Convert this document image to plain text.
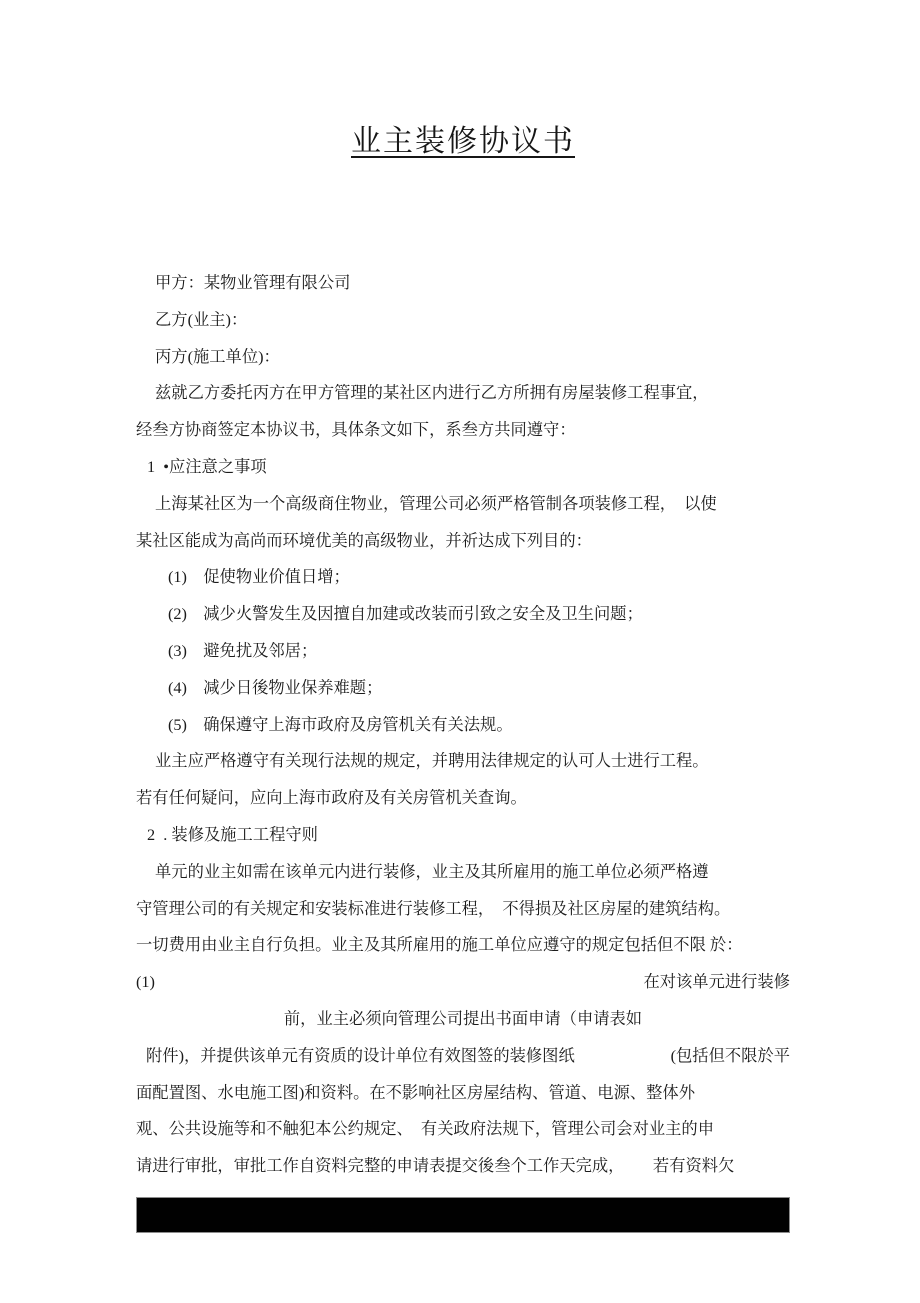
业主装修协议书

甲方：某物业管理有限公司

乙方(业主)：

丙方(施工单位)：

兹就乙方委托丙方在甲方管理的某社区内进行乙方所拥有房屋装修工程事宜，

经叁方协商签定本协议书，具体条文如下，系叁方共同遵守：

1  •应注意之事项

上海某社区为一个高级商住物业，管理公司必须严格管制各项装修工程，　以使

某社区能成为高尚而环境优美的高级物业，并祈达成下列目的：

(1)　促使物业价值日增；

(2)　减少火警发生及因擅自加建或改装而引致之安全及卫生问题；

(3)　避免扰及邻居；

(4)　减少日後物业保养难题；

(5)　确保遵守上海市政府及房管机关有关法规。

业主应严格遵守有关现行法规的规定，并聘用法律规定的认可人士进行工程。

若有任何疑问，应向上海市政府及有关房管机关查询。

2  . 装修及施工工程守则

单元的业主如需在该单元内进行装修，业主及其所雇用的施工单位必须严格遵

守管理公司的有关规定和安装标准进行装修工程，　不得损及社区房屋的建筑结构。

一切费用由业主自行负担。业主及其所雇用的施工单位应遵守的规定包括但不限 於：

(1)	在对该单元进行装修

前，业主必须向管理公司提出书面申请（申请表如

附件)，并提供该单元有资质的设计单位有效图签的装修图纸	(包括但不限於平

面配置图、水电施工图)和资料。在不影响社区房屋结构、管道、电源、整体外

观、公共设施等和不触犯本公约规定、　有关政府法规下，管理公司会对业主的申

请进行审批，审批工作自资料完整的申请表提交後叁个工作天完成，　　 若有资料欠
